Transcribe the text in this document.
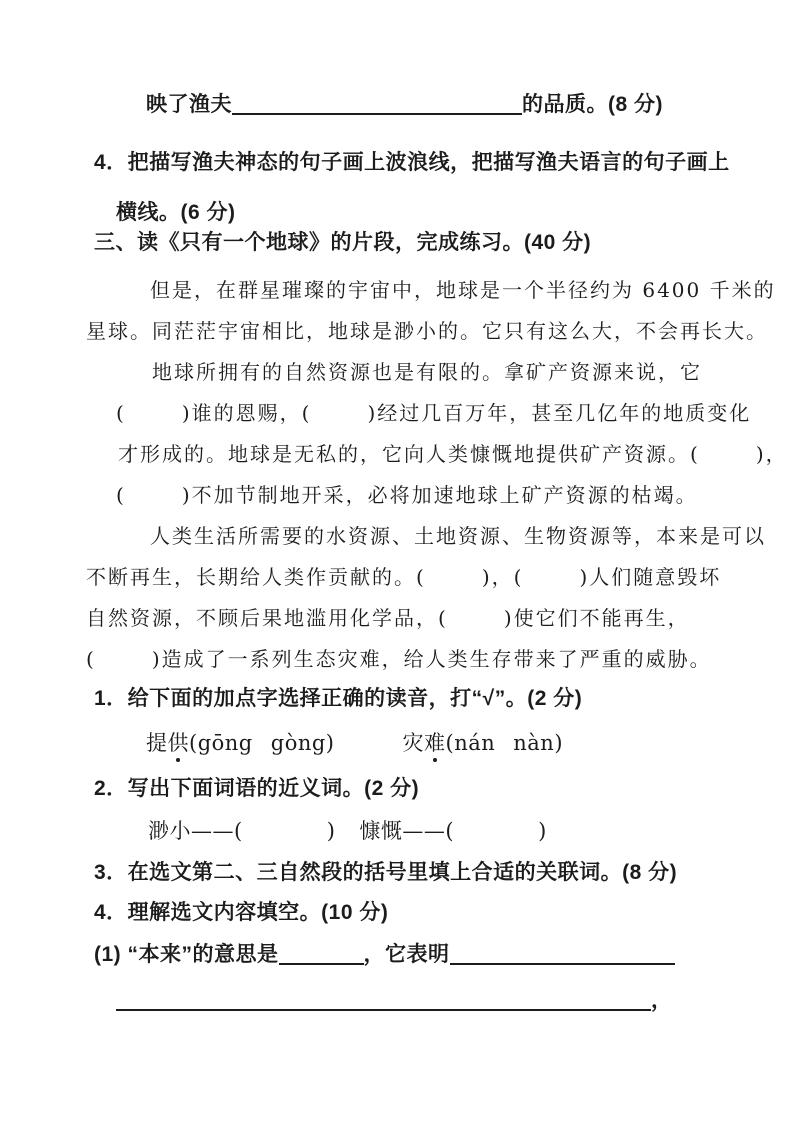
映了渔夫	的品质。(8 分)
4．把描写渔夫神态的句子画上波浪线，把描写渔夫语言的句子画上
横线。(6 分)
三、读《只有一个地球》的片段，完成练习。(40 分)
但是，在群星璀璨的宇宙中，地球是一个半径约为 6400 千米的
星球。同茫茫宇宙相比，地球是渺小的。它只有这么大，不会再长大。
地球所拥有的自然资源也是有限的。拿矿产资源来说，它
(	)谁的恩赐，(	)经过几百万年，甚至几亿年的地质变化
才形成的。地球是无私的，它向人类慷慨地提供矿产资源。(	)，
(	)不加节制地开采，必将加速地球上矿产资源的枯竭。
人类生活所需要的水资源、土地资源、生物资源等，本来是可以
不断再生，长期给人类作贡献的。(	)，(	)人们随意毁坏
自然资源，不顾后果地滥用化学品，(	)使它们不能再生，
(	)造成了一系列生态灾难，给人类生存带来了严重的威胁。
1．给下面的加点字选择正确的读音，打“√”。(2 分)
提供(gōng gòng)	灾难(nán nàn)
2．写出下面词语的近义词。(2 分)
渺小——(	) 慷慨——(	)
3．在选文第二、三自然段的括号里填上合适的关联词。(8 分)
4．理解选文内容填空。(10 分)
(1) “本来”的意思是	，它表明
，
